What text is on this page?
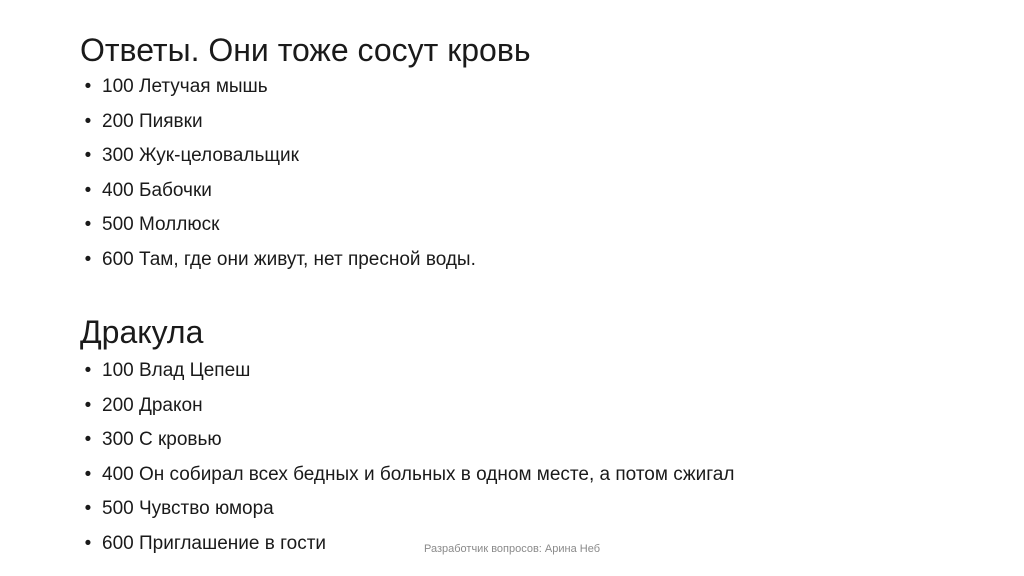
Ответы. Они тоже сосут кровь
• 100 Летучая мышь
• 200 Пиявки
• 300 Жук-целовальщик
• 400 Бабочки
• 500 Моллюск
• 600 Там, где они живут, нет пресной воды.
Дракула
• 100 Влад Цепеш
• 200 Дракон
• 300 С кровью
• 400 Он собирал всех бедных и больных в одном месте, а потом сжигал
• 500 Чувство юмора
• 600 Приглашение в гости	Разработчик вопросов: Арина Неб
